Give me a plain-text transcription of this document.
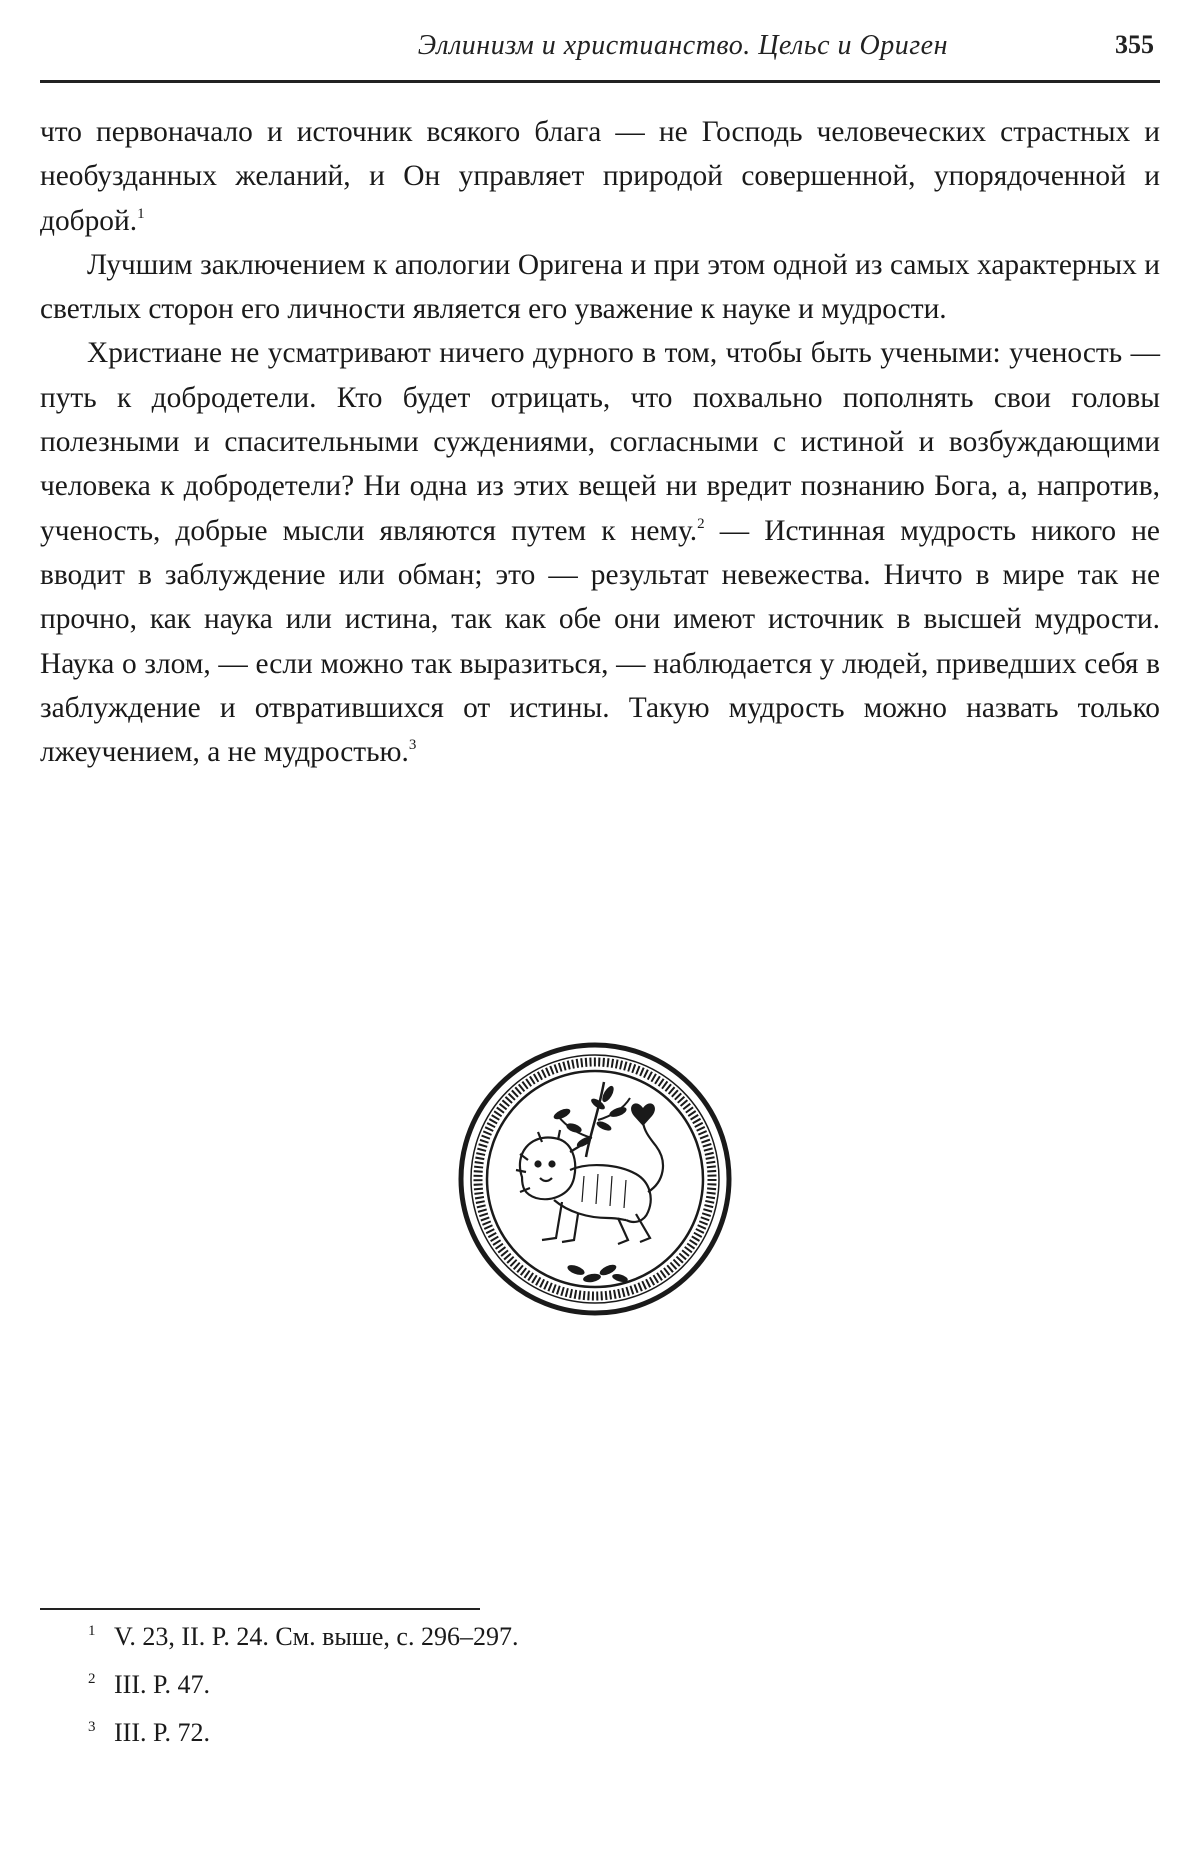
Эллинизм и христианство. Цельс и Ориген	355

что первоначало и источник всякого блага — не Господь человеческих страстных и необузданных желаний, и Он управляет природой совершенной, упорядоченной и доброй.$^1$

Лучшим заключением к апологии Оригена и при этом одной из самых характерных и светлых сторон его личности является его уважение к науке и мудрости.

Христиане не усматривают ничего дурного в том, чтобы быть учеными: ученость — путь к добродетели. Кто будет отрицать, что похвально пополнять свои головы полезными и спасительными суждениями, согласными с истиной и возбуждающими человека к добродетели? Ни одна из этих вещей ни вредит познанию Бога, а, напротив, ученость, добрые мысли являются путем к нему.$^2$ — Истинная мудрость никого не вводит в заблуждение или обман; это — результат невежества. Ничто в мире так не прочно, как наука или истина, так как обе они имеют источник в высшей мудрости. Наука о злом, — если можно так выразиться, — наблюдается у людей, приведших себя в заблуждение и отвратившихся от истины. Такую мудрость можно назвать только лжеучением, а не мудростью.$^3$

1 V. 23, II. P. 24. См. выше, с. 296–297.
2 III. P. 47.
3 III. P. 72.
